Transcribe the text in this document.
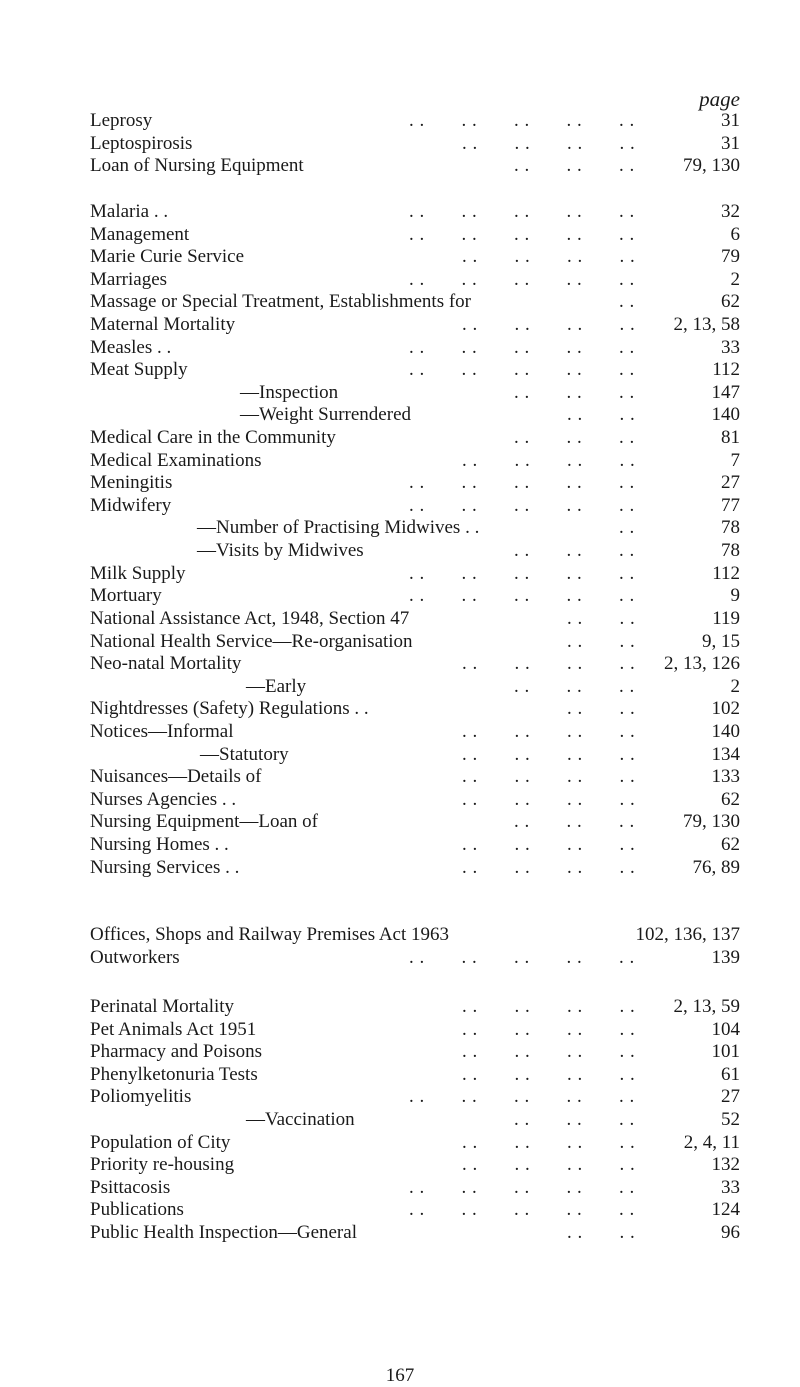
page

Leprosy	. .       . .       . .       . .       . .	31
Leptospirosis	. .       . .       . .       . .	31
Loan of Nursing Equipment	. .       . .       . .	79, 130
Malaria . .	. .       . .       . .       . .       . .	32
Management	. .       . .       . .       . .       . .	6
Marie Curie Service	. .       . .       . .       . .	79
Marriages	. .       . .       . .       . .       . .	2
Massage or Special Treatment, Establishments for	. .	62
Maternal Mortality	. .       . .       . .       . . 2, 13, 58
Measles . .	. .       . .       . .       . .       . .	33
Meat Supply	. .       . .       . .       . .       . .	112
—Inspection	. .       . .       . .	147
—Weight Surrendered	. .       . .	140
Medical Care in the Community	. .       . .       . .	81
Medical Examinations	. .       . .       . .       . .	7
Meningitis	. .       . .       . .       . .       . .	27
Midwifery	. .       . .       . .       . .       . .	77
—Number of Practising Midwives . .	. .	78
—Visits by Midwives	. .       . .       . .	78
Milk Supply	. .       . .       . .       . .       . .	112
Mortuary	. .       . .       . .       . .       . .	9
National Assistance Act, 1948, Section 47	. .       . .	119
National Health Service—Re-organisation	. .       . .	9, 15
Neo-natal Mortality	. .       . .       . .       . . 2, 13, 126
—Early	. .       . .       . .	2
Nightdresses (Safety) Regulations . .	. .       . .	102
Notices—Informal	. .       . .       . .       . .	140
—Statutory	. .       . .       . .       . .	134
Nuisances—Details of	. .       . .       . .       . .	133
Nurses Agencies . .	. .       . .       . .       . .	62
Nursing Equipment—Loan of	. .       . .       . .	79, 130
Nursing Homes . .	. .       . .       . .       . .	62
Nursing Services . .	. .       . .       . .       . .	76, 89
Offices, Shops and Railway Premises Act 1963	102, 136, 137
Outworkers	. .       . .       . .       . .       . .	139
Perinatal Mortality	. .       . .       . .       . . 2, 13, 59
Pet Animals Act 1951	. .       . .       . .       . .	104
Pharmacy and Poisons	. .       . .       . .       . .	101
Phenylketonuria Tests	. .       . .       . .       . .	61
Poliomyelitis	. .       . .       . .       . .       . .	27
—Vaccination	. .       . .       . .	52
Population of City	. .       . .       . .       . .	2, 4, 11
Priority re-housing	. .       . .       . .       . .	132
Psittacosis	. .       . .       . .       . .       . .	33
Publications	. .       . .       . .       . .       . .	124
Public Health Inspection—General	. .       . .	96

167
